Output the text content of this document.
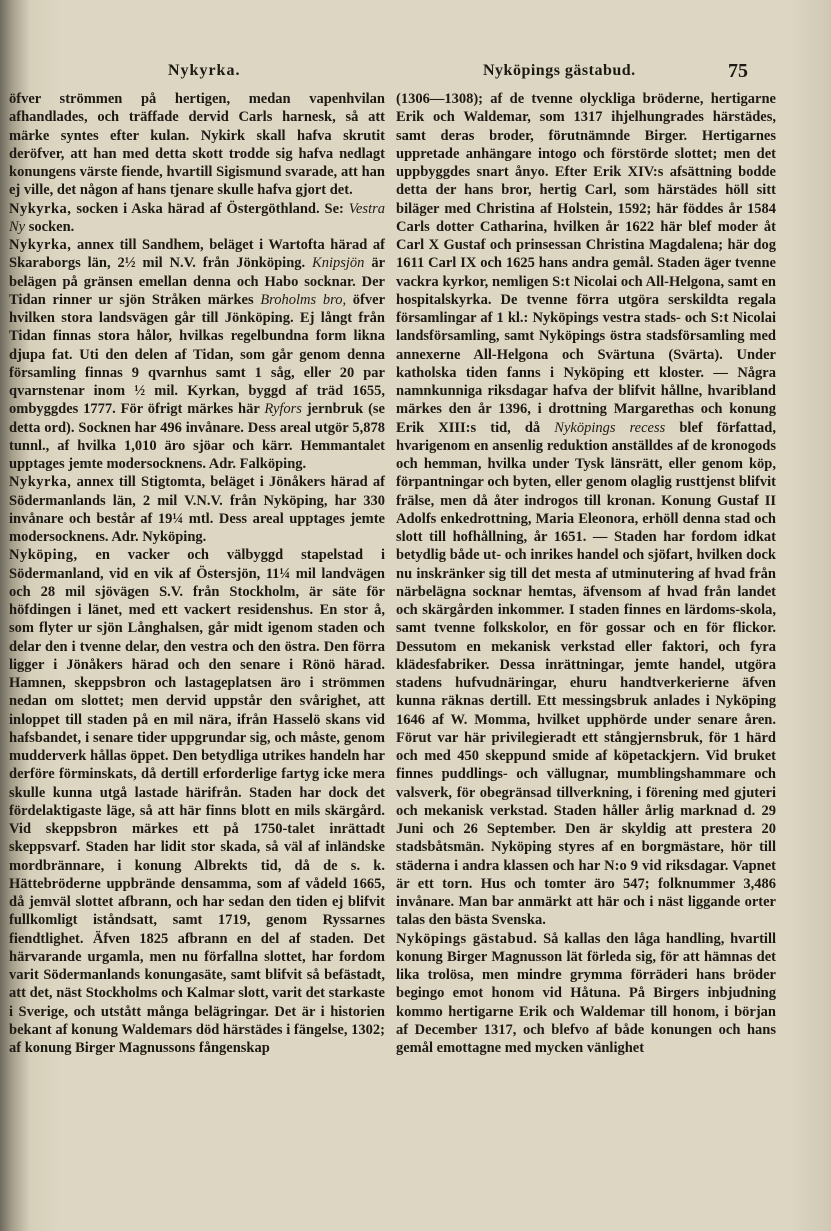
Nykyrka.	Nyköpings gästabud.	75

öfver strömmen på hertigen, medan vapenhvilan afhandlades, och träffade dervid Carls harnesk, så att märke syntes efter kulan. Nykirk skall hafva skrutit deröfver, att han med detta skott trodde sig hafva nedlagt konungens värste fiende, hvartill Sigismund svarade, att han ej ville, det någon af hans tjenare skulle hafva gjort det.

Nykyrka, socken i Aska härad af Östergöthland. Se: Vestra Ny socken.

Nykyrka, annex till Sandhem, beläget i Wartofta härad af Skaraborgs län, 2½ mil N.V. från Jönköping. Knipsjön är belägen på gränsen emellan denna och Habo socknar. Der Tidan rinner ur sjön Stråken märkes Broholms bro, öfver hvilken stora landsvägen går till Jönköping. Ej långt från Tidan finnas stora hålor, hvilkas regelbundna form likna djupa fat. Uti den delen af Tidan, som går genom denna församling finnas 9 qvarnhus samt 1 såg, eller 20 par qvarnstenar inom ½ mil. Kyrkan, byggd af träd 1655, ombyggdes 1777. För öfrigt märkes här Ryfors jernbruk (se detta ord). Socknen har 496 invånare. Dess areal utgör 5,878 tunnl., af hvilka 1,010 äro sjöar och kärr. Hemmantalet upptages jemte modersocknens. Adr. Falköping.

Nykyrka, annex till Stigtomta, beläget i Jönåkers härad af Södermanlands län, 2 mil V.N.V. från Nyköping, har 330 invånare och består af 19¼ mtl. Dess areal upptages jemte modersocknens. Adr. Nyköping.

Nyköping, en vacker och välbyggd stapelstad i Södermanland, vid en vik af Östersjön, 11¼ mil landvägen och 28 mil sjövägen S.V. från Stockholm, är säte för höfdingen i länet, med ett vackert residenshus. En stor å, som flyter ur sjön Långhalsen, går midt igenom staden och delar den i tvenne delar, den vestra och den östra. Den förra ligger i Jönåkers härad och den senare i Rönö härad. Hamnen, skeppsbron och lastageplatsen äro i strömmen nedan om slottet; men dervid uppstår den svårighet, att inloppet till staden på en mil nära, ifrån Hasselö skans vid hafsbandet, i senare tider uppgrundar sig, och måste, genom mudderverk hållas öppet. Den betydliga utrikes handeln har derföre förminskats, då dertill erforderlige fartyg icke mera skulle kunna utgå lastade härifrån. Staden har dock det fördelaktigaste läge, så att här finns blott en mils skärgård. Vid skeppsbron märkes ett på 1750-talet inrättadt skeppsvarf. Staden har lidit stor skada, så väl af inländske mordbrännare, i konung Albrekts tid, då de s. k. Hättebröderne uppbrände densamma, som af vådeld 1665, då jemväl slottet afbrann, och har sedan den tiden ej blifvit fullkomligt iståndsatt, samt 1719, genom Ryssarnes fiendtlighet. Äfven 1825 afbrann en del af staden. Det härvarande urgamla, men nu förfallna slottet, har fordom varit Södermanlands konungasäte, samt blifvit så befästadt, att det, näst Stockholms och Kalmar slott, varit det starkaste i Sverige, och utstått många belägringar. Det är i historien bekant af konung Waldemars död härstädes i fängelse, 1302; af konung Birger Magnussons fångenskap

(1306—1308); af de tvenne olyckliga bröderne, hertigarne Erik och Waldemar, som 1317 ihjelhungrades härstädes, samt deras broder, förutnämnde Birger. Hertigarnes uppretade anhängare intogo och förstörde slottet; men det uppbyggdes snart ånyo. Efter Erik XIV:s afsättning bodde detta der hans bror, hertig Carl, som härstädes höll sitt biläger med Christina af Holstein, 1592; här föddes år 1584 Carls dotter Catharina, hvilken år 1622 här blef moder åt Carl X Gustaf och prinsessan Christina Magdalena; här dog 1611 Carl IX och 1625 hans andra gemål. Staden äger tvenne vackra kyrkor, nemligen S:t Nicolai och All-Helgona, samt en hospitalskyrka. De tvenne förra utgöra serskildta regala församlingar af 1 kl.: Nyköpings vestra stads- och S:t Nicolai landsförsamling, samt Nyköpings östra stadsförsamling med annexerne All-Helgona och Svärtuna (Svärta). Under katholska tiden fanns i Nyköping ett kloster. — Några namnkunniga riksdagar hafva der blifvit hållne, hvaribland märkes den år 1396, i drottning Margarethas och konung Erik XIII:s tid, då Nyköpings recess blef författad, hvarigenom en ansenlig reduktion anställdes af de kronogods och hemman, hvilka under Tysk länsrätt, eller genom köp, förpantningar och byten, eller genom olaglig rusttjenst blifvit frälse, men då åter indrogos till kronan. Konung Gustaf II Adolfs enkedrottning, Maria Eleonora, erhöll denna stad och slott till hofhållning, år 1651. — Staden har fordom idkat betydlig både ut- och inrikes handel och sjöfart, hvilken dock nu inskränker sig till det mesta af utminutering af hvad från närbelägna socknar hemtas, äfvensom af hvad från landet och skärgården inkommer. I staden finnes en lärdoms-skola, samt tvenne folkskolor, en för gossar och en för flickor. Dessutom en mekanisk verkstad eller faktori, och fyra klädesfabriker. Dessa inrättningar, jemte handel, utgöra stadens hufvudnäringar, ehuru handtverkerierne äfven kunna räknas dertill. Ett messingsbruk anlades i Nyköping 1646 af W. Momma, hvilket upphörde under senare åren. Förut var här privilegieradt ett stångjernsbruk, för 1 härd och med 450 skeppund smide af köpetackjern. Vid bruket finnes puddlings- och vällugnar, mumblingshammare och valsverk, för obegränsad tillverkning, i förening med gjuteri och mekanisk verkstad. Staden håller årlig marknad d. 29 Juni och 26 September. Den är skyldig att prestera 20 stadsbåtsmän. Nyköping styres af en borgmästare, hör till städerna i andra klassen och har N:o 9 vid riksdagar. Vapnet är ett torn. Hus och tomter äro 547; folknummer 3,486 invånare. Man bar anmärkt att här och i näst liggande orter talas den bästa Svenska.

Nyköpings gästabud. Så kallas den låga handling, hvartill konung Birger Magnusson lät förleda sig, för att hämnas det lika trolösa, men mindre grymma förräderi hans bröder begingo emot honom vid Håtuna. På Birgers inbjudning kommo hertigarne Erik och Waldemar till honom, i början af December 1317, och blefvo af både konungen och hans gemål emottagne med mycken vänlighet
